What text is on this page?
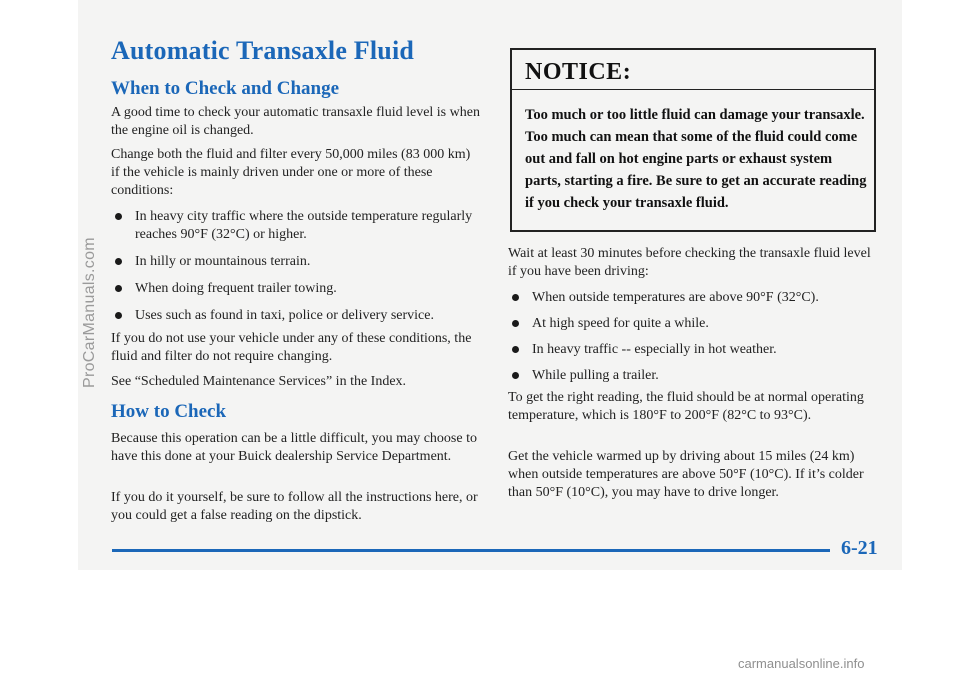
Automatic Transaxle Fluid
When to Check and Change

A good time to check your automatic transaxle fluid level is when the engine oil is changed.

Change both the fluid and filter every 50,000 miles (83 000 km) if the vehicle is mainly driven under one or more of these conditions:

In heavy city traffic where the outside temperature regularly reaches 90°F (32°C) or higher.
In hilly or mountainous terrain.
When doing frequent trailer towing.
Uses such as found in taxi, police or delivery service.

If you do not use your vehicle under any of these conditions, the fluid and filter do not require changing.

See “Scheduled Maintenance Services” in the Index.

How to Check

Because this operation can be a little difficult, you may choose to have this done at your Buick dealership Service Department.

If you do it yourself, be sure to follow all the instructions here, or you could get a false reading on the dipstick.

NOTICE:
Too much or too little fluid can damage your transaxle. Too much can mean that some of the fluid could come out and fall on hot engine parts or exhaust system parts, starting a fire. Be sure to get an accurate reading if you check your transaxle fluid.

Wait at least 30 minutes before checking the transaxle fluid level if you have been driving:

When outside temperatures are above 90°F (32°C).
At high speed for quite a while.
In heavy traffic -- especially in hot weather.
While pulling a trailer.

To get the right reading, the fluid should be at normal operating temperature, which is 180°F to 200°F (82°C to 93°C).

Get the vehicle warmed up by driving about 15 miles (24 km) when outside temperatures are above 50°F (10°C). If it’s colder than 50°F (10°C), you may have to drive longer.

6-21
ProCarManuals.com
carmanualsonline.info
